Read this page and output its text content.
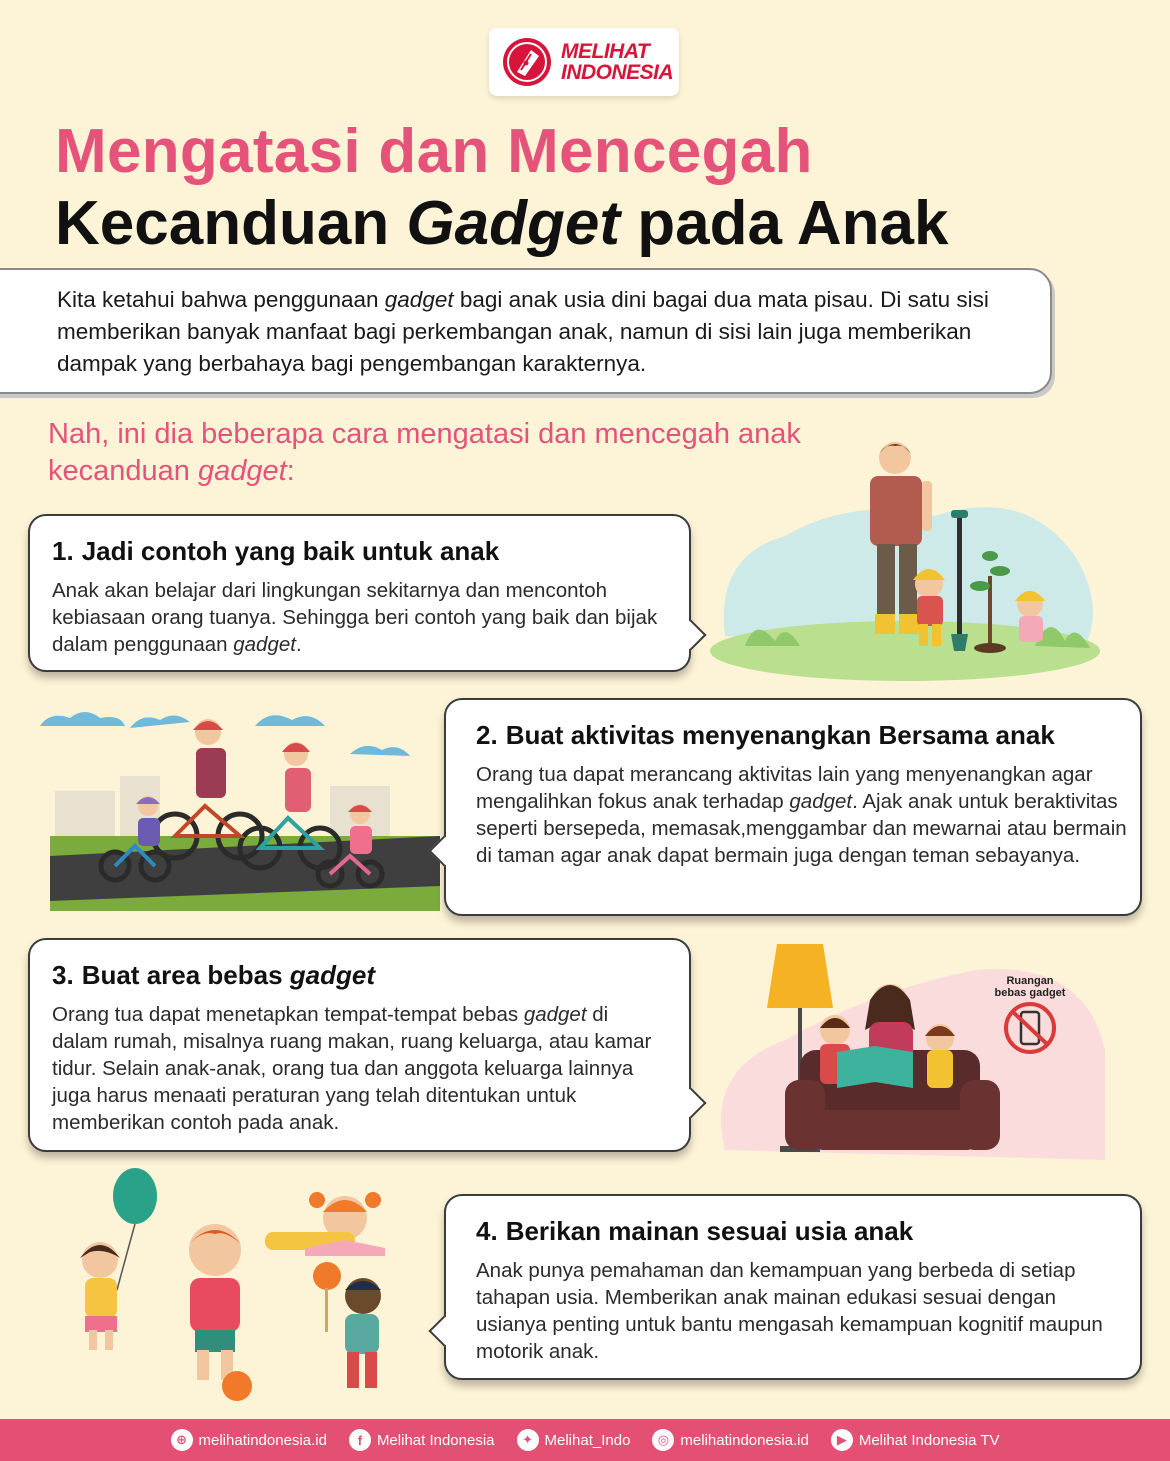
MELIHAT
INDONESIA
Mengatasi dan Mencegah
Kecanduan Gadget pada Anak
Kita ketahui bahwa penggunaan gadget bagi anak usia dini bagai dua mata pisau. Di satu sisi memberikan banyak manfaat bagi perkembangan anak, namun di sisi lain juga memberikan dampak yang berbahaya bagi pengembangan karakternya.
Nah, ini dia beberapa cara mengatasi dan mencegah anak kecanduan gadget:
Ruangan
bebas gadget
1. Jadi contoh yang baik untuk anak

Anak akan belajar dari lingkungan sekitarnya dan mencontoh kebiasaan orang tuanya. Sehingga beri contoh yang baik dan bijak dalam penggunaan gadget.

2. Buat aktivitas menyenangkan Bersama anak

Orang tua dapat merancang aktivitas lain yang menyenangkan agar mengalihkan fokus anak terhadap gadget. Ajak anak untuk beraktivitas seperti bersepeda, memasak,menggambar dan mewarnai atau bermain di taman agar anak dapat bermain juga dengan teman sebayanya.

3. Buat area bebas gadget

Orang tua dapat menetapkan tempat-tempat bebas gadget di dalam rumah, misalnya ruang makan, ruang keluarga, atau kamar tidur. Selain anak-anak, orang tua dan anggota keluarga lainnya juga harus menaati peraturan yang telah ditentukan untuk memberikan contoh pada anak.

4. Berikan mainan sesuai usia anak

Anak punya pemahaman dan kemampuan yang berbeda di setiap tahapan usia. Memberikan anak mainan edukasi sesuai dengan usianya penting untuk bantu mengasah kemampuan kognitif maupun motorik anak.

⊕ melihatindonesia.id	f Melihat Indonesia	✦ Melihat_Indo	◎ melihatindonesia.id	▶ Melihat Indonesia TV
